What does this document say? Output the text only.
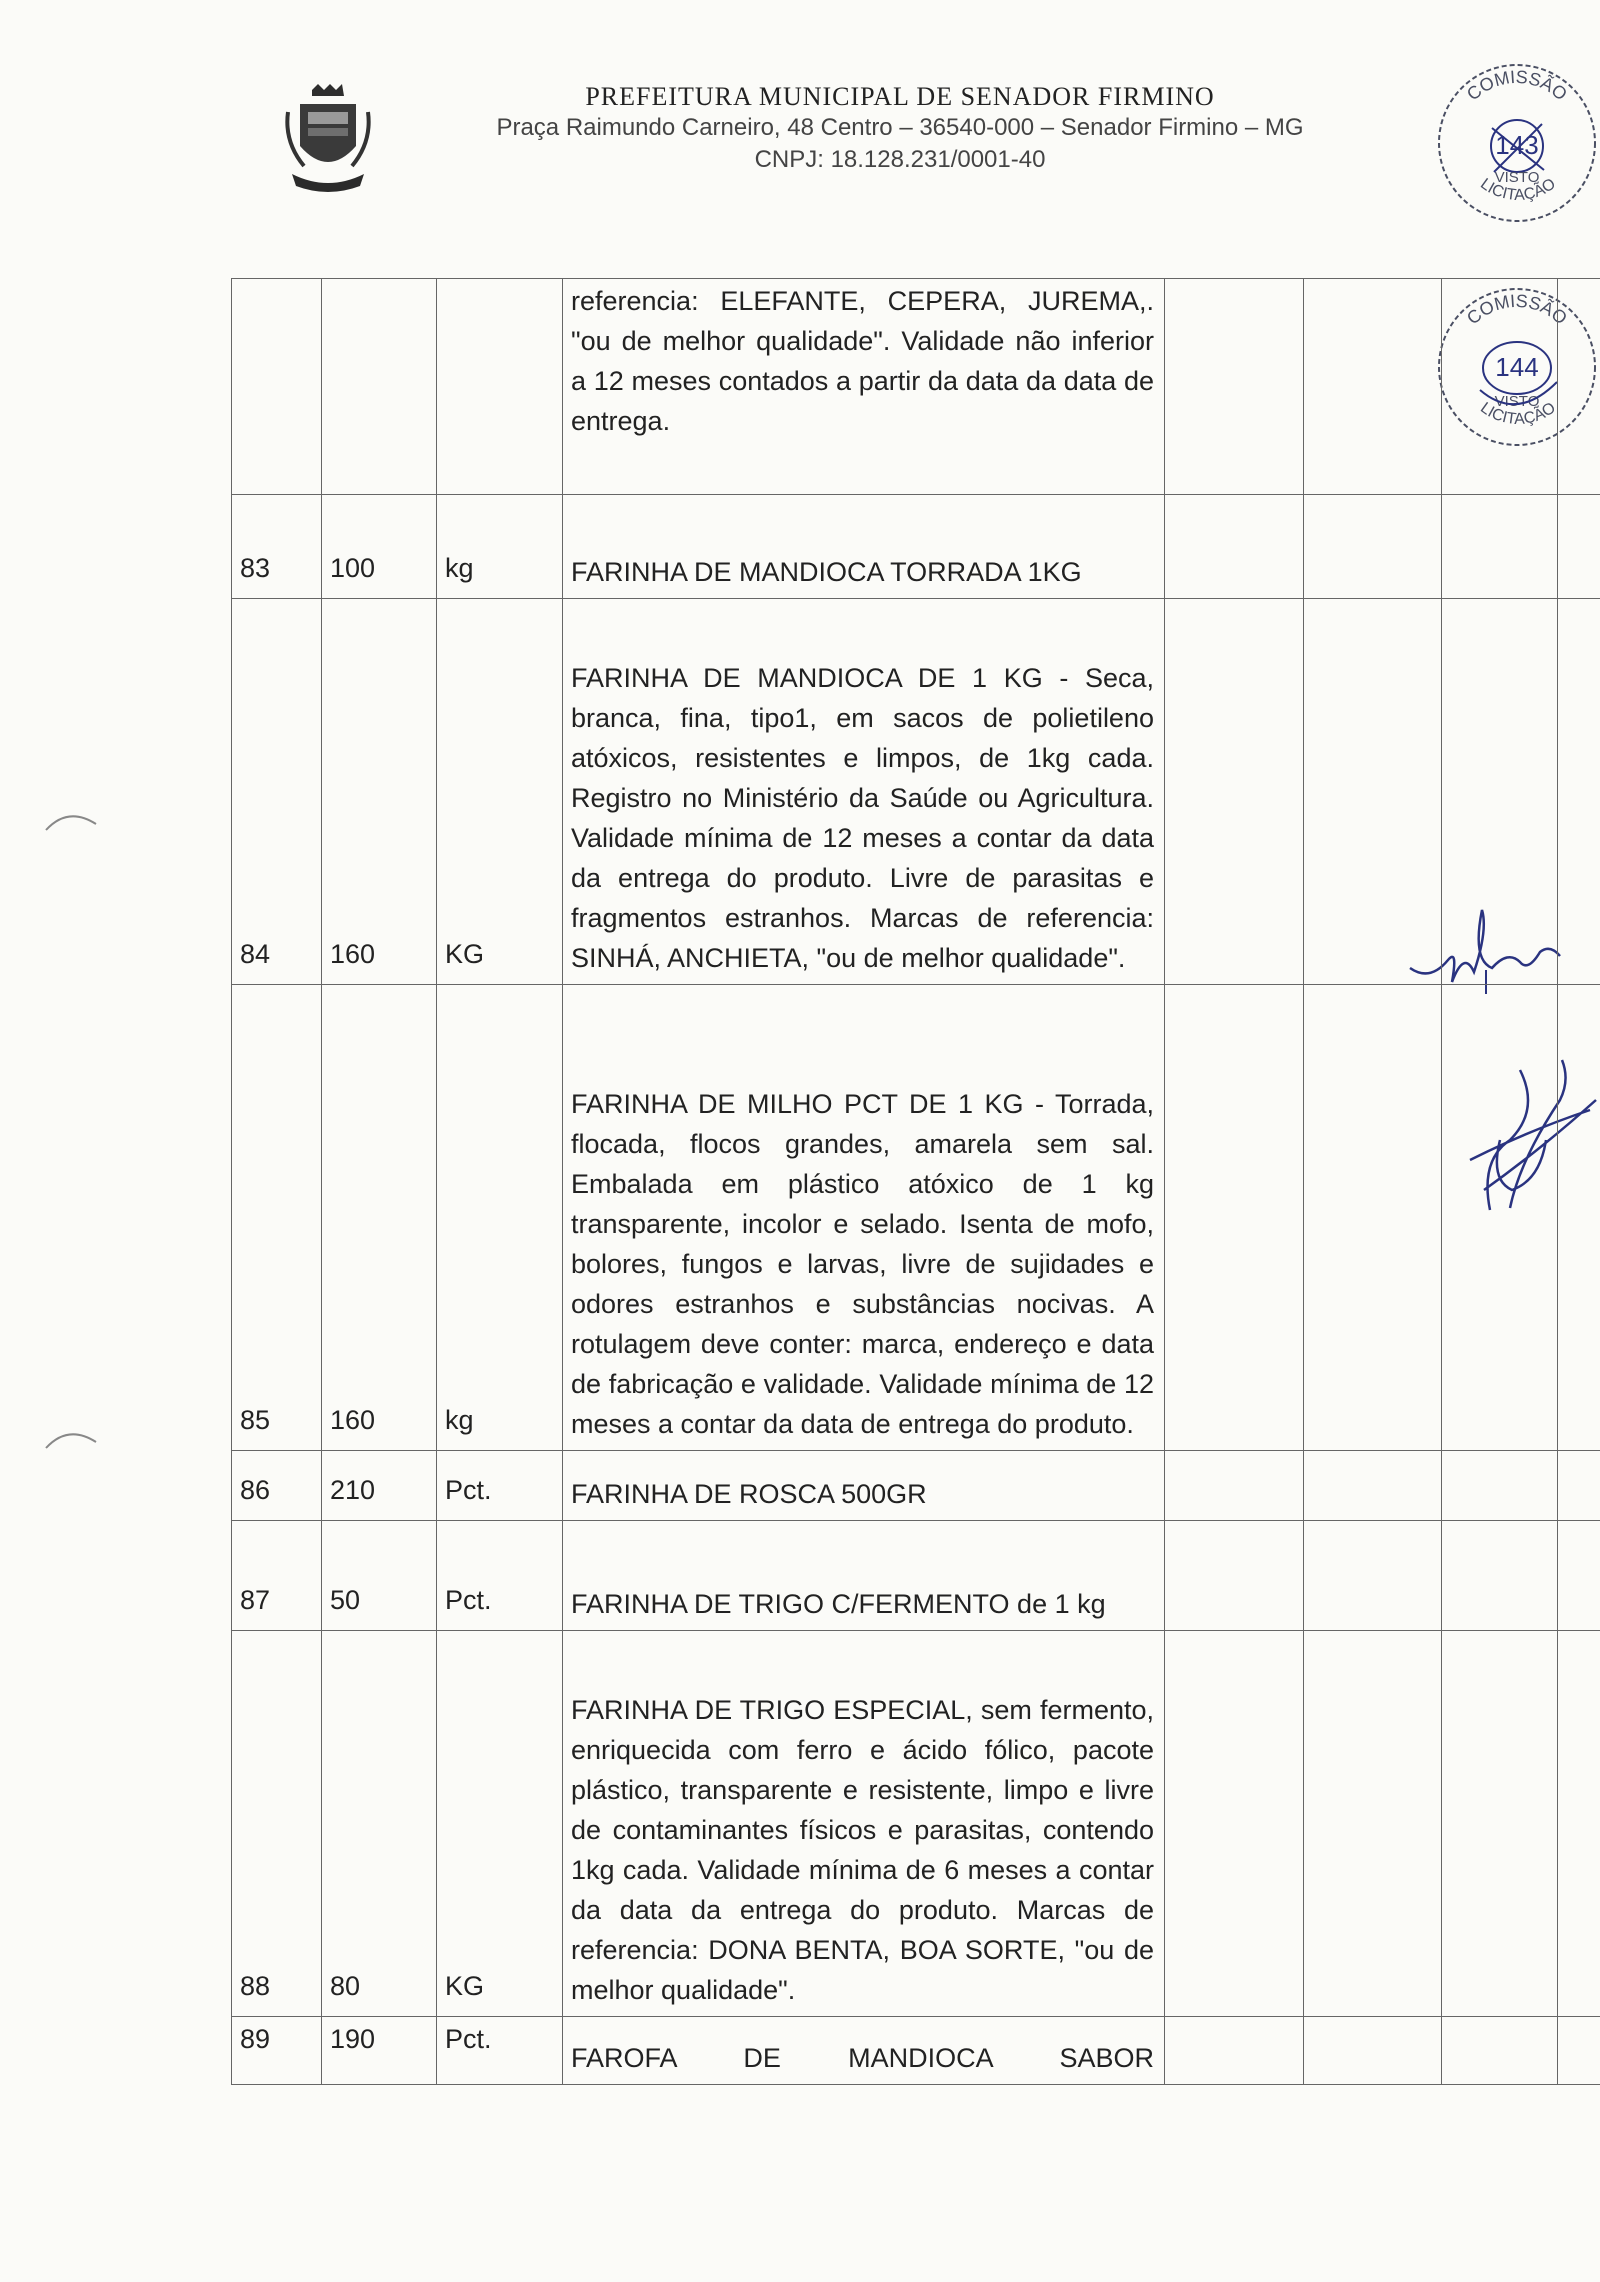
PREFEITURA MUNICIPAL DE SENADOR FIRMINO
Praça Raimundo Carneiro, 48 Centro – 36540-000 – Senador Firmino – MG
CNPJ: 18.128.231/0001-40
COMISSÃO
143
VISTO
LICITAÇÃO
COMISSÃO
144
VISTO
LICITAÇÃO
			referencia: ELEFANTE, CEPERA, JUREMA,. "ou de melhor qualidade". Validade não inferior a 12 meses contados a partir da data da data de entrega.				
83	100	kg	FARINHA DE MANDIOCA TORRADA 1KG				
84	160	KG	FARINHA DE MANDIOCA DE 1 KG - Seca, branca, fina, tipo1, em sacos de polietileno atóxicos, resistentes e limpos, de 1kg cada. Registro no Ministério da Saúde ou Agricultura. Validade mínima de 12 meses a contar da data da entrega do produto. Livre de parasitas e fragmentos estranhos. Marcas de referencia: SINHÁ, ANCHIETA, "ou de melhor qualidade".				
85	160	kg	FARINHA DE MILHO PCT DE 1 KG - Torrada, flocada, flocos grandes, amarela sem sal. Embalada em plástico atóxico de 1 kg transparente, incolor e selado. Isenta de mofo, bolores, fungos e larvas, livre de sujidades e odores estranhos e substâncias nocivas. A rotulagem deve conter: marca, endereço e data de fabricação e validade. Validade mínima de 12 meses a contar da data de entrega do produto.				
86	210	Pct.	FARINHA DE ROSCA 500GR				
87	50	Pct.	FARINHA DE TRIGO C/FERMENTO de 1 kg				
88	80	KG	FARINHA DE TRIGO ESPECIAL, sem fermento, enriquecida com ferro e ácido fólico, pacote plástico, transparente e resistente, limpo e livre de contaminantes físicos e parasitas, contendo 1kg cada. Validade mínima de 6 meses a contar da data da entrega do produto. Marcas de referencia: DONA BENTA, BOA SORTE, "ou de melhor qualidade".				
89	190	Pct.	FAROFA DE MANDIOCA SABOR				
